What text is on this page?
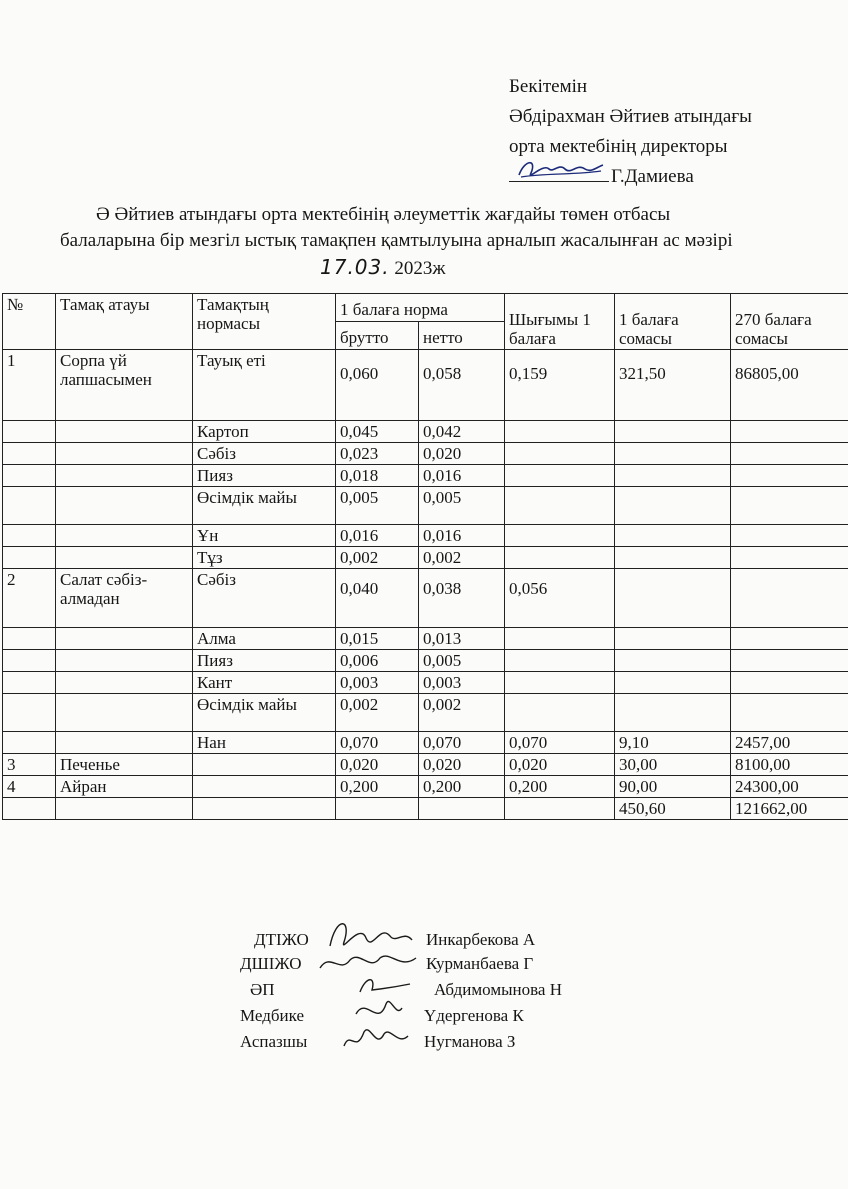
Бекітемін
Әбдірахман Әйтиев атындағы
орта мектебінің директоры
Г.Дамиева
Ә Әйтиев атындағы орта мектебінің әлеуметтік жағдайы төмен отбасы
балаларына бір мезгіл ыстық тамақпен қамтылуына арналып жасалынған ас мәзірі
17.03. 2023ж
№	Тамақ атауы	Тамақтың нормасы	1 балаға норма		Шығымы 1 балаға	1 балаға сомасы	270 балаға сомасы
			брутто	нетто			
1	Сорпа үй лапшасымен	Тауық еті	0,060	0,058	0,159	321,50	86805,00
		Картоп	0,045	0,042			
		Сәбіз	0,023	0,020			
		Пияз	0,018	0,016			
		Өсімдік майы	0,005	0,005			
		Ұн	0,016	0,016			
		Тұз	0,002	0,002			
2	Салат сәбіз-алмадан	Сәбіз	0,040	0,038	0,056		
		Алма	0,015	0,013			
		Пияз	0,006	0,005			
		Кант	0,003	0,003			
		Өсімдік майы	0,002	0,002			
		Нан	0,070	0,070	0,070	9,10	2457,00
3	Печенье		0,020	0,020	0,020	30,00	8100,00
4	Айран		0,200	0,200	0,200	90,00	24300,00
						450,60	121662,00
ДТІЖО	Инкарбекова А
ДШІЖО	Курманбаева Г
ӘП	Абдимомынова Н
Медбике	Үдергенова К
Аспазшы	Нугманова З
